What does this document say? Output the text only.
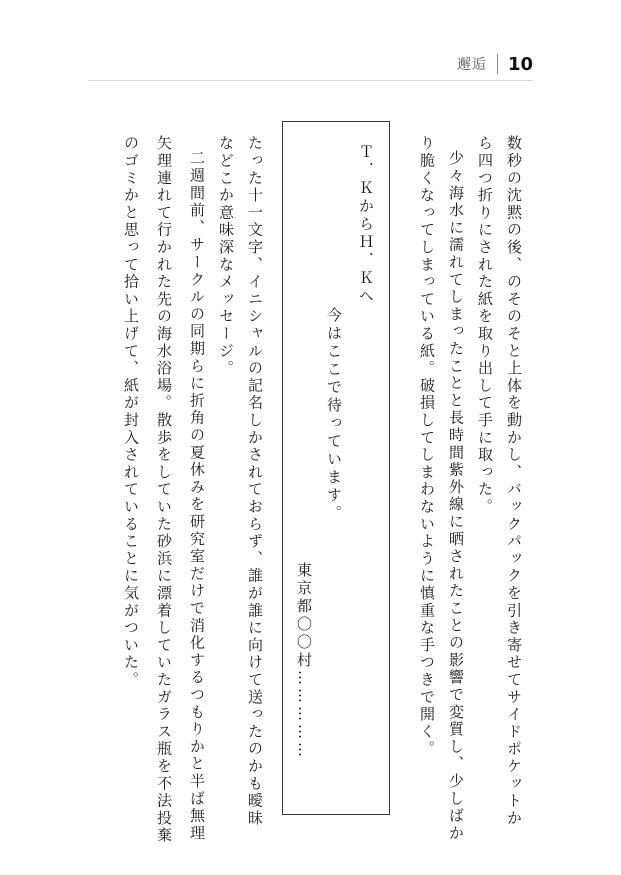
邂逅 10

数秒の沈黙の後、のそのそと上体を動かし、バックパックを引き寄せてサイドポケットか

ら四つ折りにされた紙を取り出して手に取った。

少々海水に濡れてしまったことと長時間紫外線に晒されたことの影響で変質し、少しばか

り脆くなってしまっている紙。破損してしまわないように慎重な手つきで開く。

Ｔ．ＫからＨ．Ｋへ

今はここで待っています。

東京都〇〇村……………

たった十一文字、イニシャルの記名しかされておらず、誰が誰に向けて送ったのかも曖昧

などこか意味深なメッセージ。

二週間前、サークルの同期らに折角の夏休みを研究室だけで消化するつもりかと半ば無理

矢理連れて行かれた先の海水浴場。散歩をしていた砂浜に漂着していたガラス瓶を不法投棄

のゴミかと思って拾い上げて、紙が封入されていることに気がついた。
